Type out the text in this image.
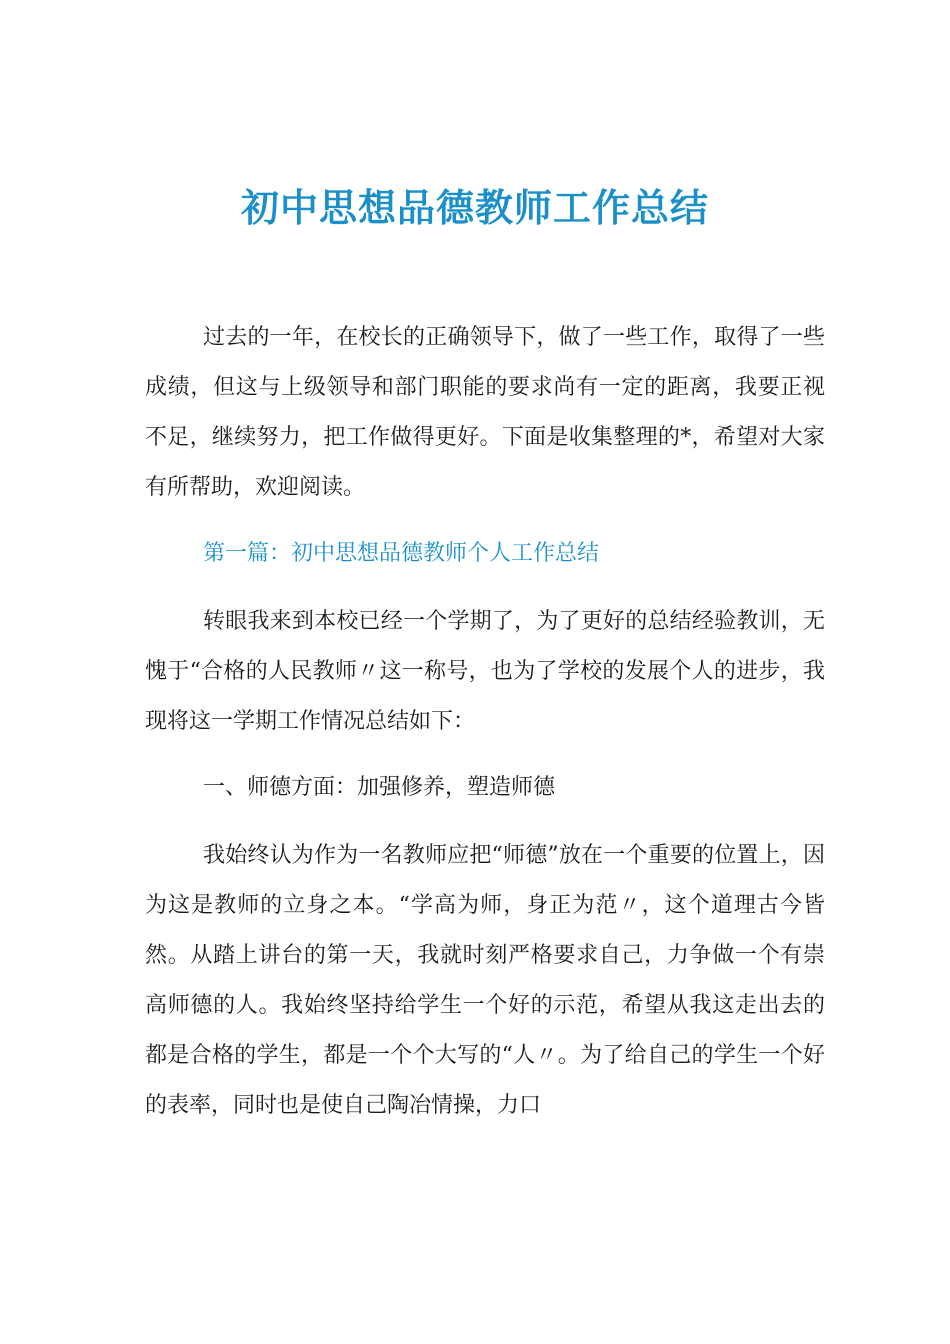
初中思想品德教师工作总结

过去的一年，在校长的正确领导下，做了一些工作，取得了一些成绩，但这与上级领导和部门职能的要求尚有一定的距离，我要正视不足，继续努力，把工作做得更好。下面是收集整理的*，希望对大家有所帮助，欢迎阅读。

第一篇：初中思想品德教师个人工作总结

转眼我来到本校已经一个学期了，为了更好的总结经验教训，无愧于“合格的人民教师〃这一称号，也为了学校的发展个人的进步，我现将这一学期工作情况总结如下：

一、师德方面：加强修养，塑造师德

我始终认为作为一名教师应把“师德”放在一个重要的位置上，因为这是教师的立身之本。“学高为师，身正为范〃，这个道理古今皆然。从踏上讲台的第一天，我就时刻严格要求自己，力争做一个有崇高师德的人。我始终坚持给学生一个好的示范，希望从我这走出去的都是合格的学生，都是一个个大写的“人〃。为了给自己的学生一个好的表率，同时也是使自己陶冶情操，力口
